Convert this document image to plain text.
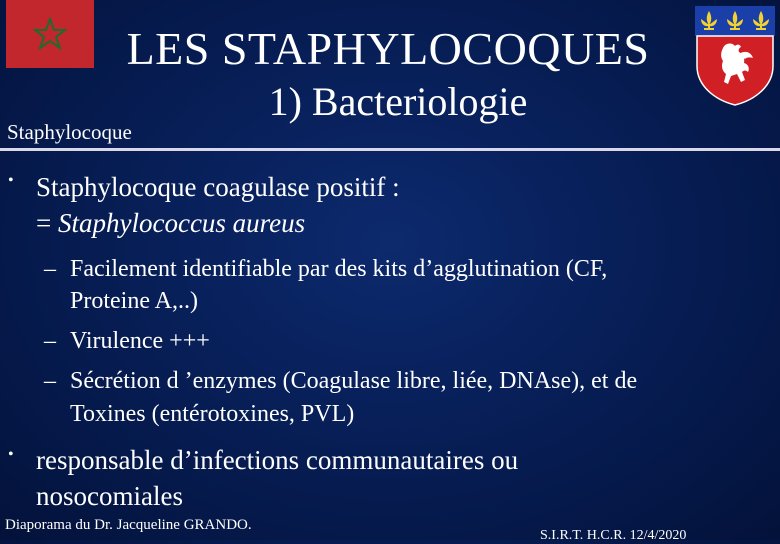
LES STAPHYLOCOQUES
1) Bacteriologie
Staphylocoque
• Staphylocoque coagulase positif :
= Staphylococcus aureus
– Facilement identifiable par des kits d’agglutination (CF,
Proteine A,..)
– Virulence +++
– Sécrétion d ’enzymes (Coagulase libre, liée, DNAse), et de
Toxines (entérotoxines, PVL)
• responsable d’infections communautaires ou
nosocomiales
Diaporama du Dr. Jacqueline GRANDO.
S.I.R.T. H.C.R. 12/4/2020
